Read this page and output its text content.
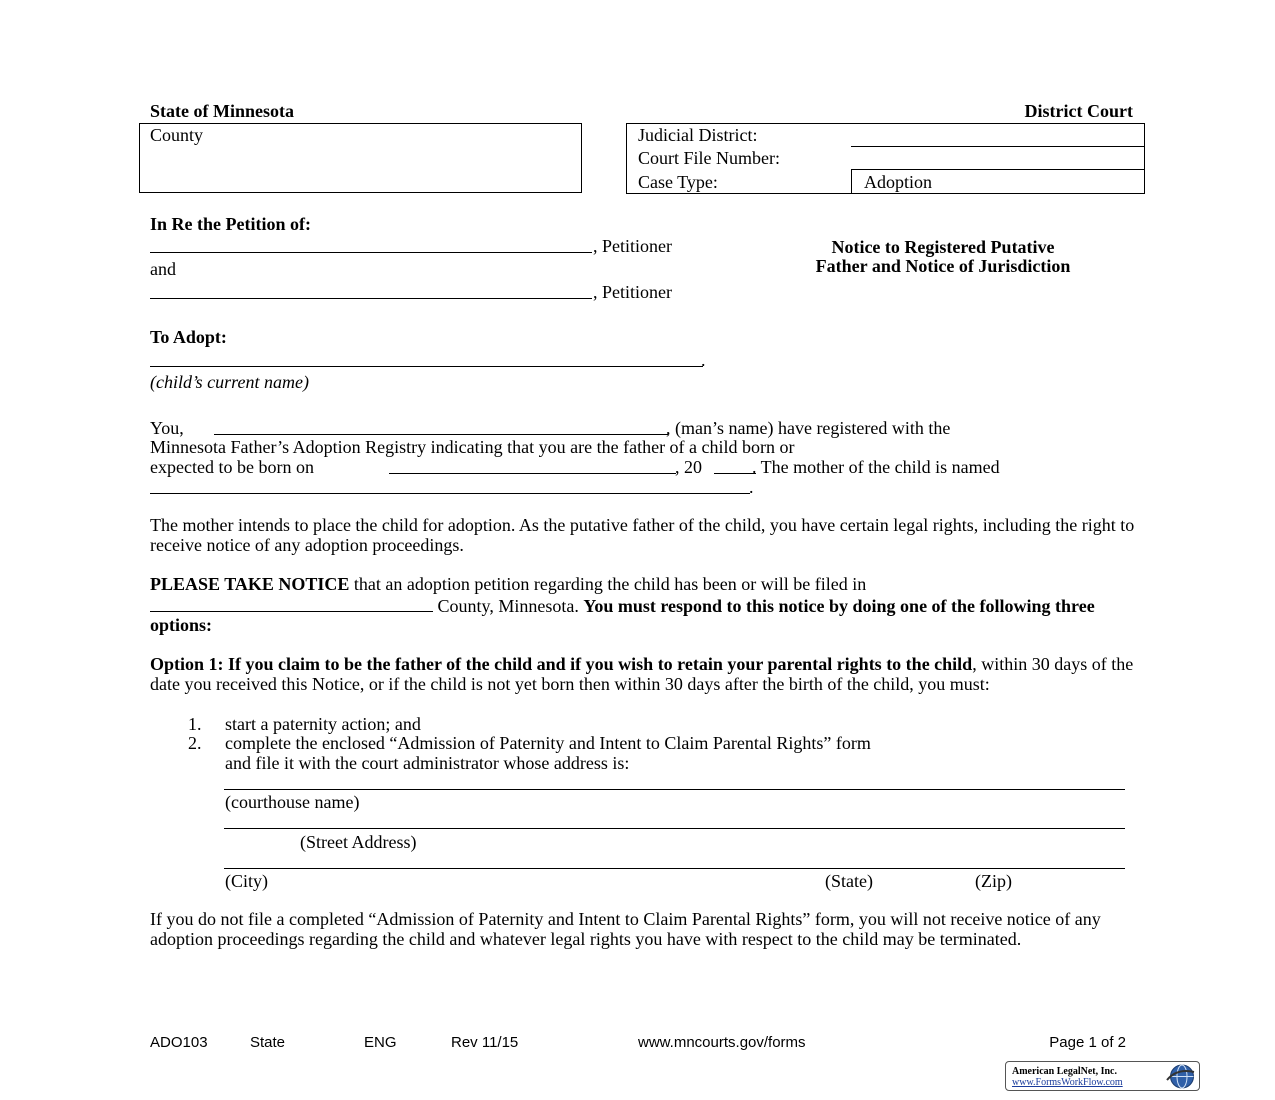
State of Minnesota	District Court
County	Judicial District:
Court File Number:
Case Type:	Adoption
In Re the Petition of:
, Petitioner
and
, Petitioner
To Adopt:
.
(child’s current name)
Notice to Registered Putative
Father and Notice of Jurisdiction
You,	, (man’s name) have registered with the
Minnesota Father’s Adoption Registry indicating that you are the father of a child born or
expected to be born on	, 20	. The mother of the child is named
.
The mother intends to place the child for adoption. As the putative father of the child, you have certain legal rights, including the right to receive notice of any adoption proceedings.
PLEASE TAKE NOTICE that an adoption petition regarding the child has been or will be filed in  County, Minnesota. You must respond to this notice by doing one of the following three options:
Option 1: If you claim to be the father of the child and if you wish to retain your parental rights to the child, within 30 days of the date you received this Notice, or if the child is not yet born then within 30 days after the birth of the child, you must:
1. start a paternity action; and
2. complete the enclosed “Admission of Paternity and Intent to Claim Parental Rights” form
and file it with the court administrator whose address is:
(courthouse name)
(Street Address)
(City)	(State)	(Zip)
If you do not file a completed “Admission of Paternity and Intent to Claim Parental Rights” form, you will not receive notice of any adoption proceedings regarding the child and whatever legal rights you have with respect to the child may be terminated.
ADO103	State	ENG	Rev 11/15	www.mncourts.gov/forms	Page 1 of 2
American LegalNet, Inc.
www.FormsWorkFlow.com
